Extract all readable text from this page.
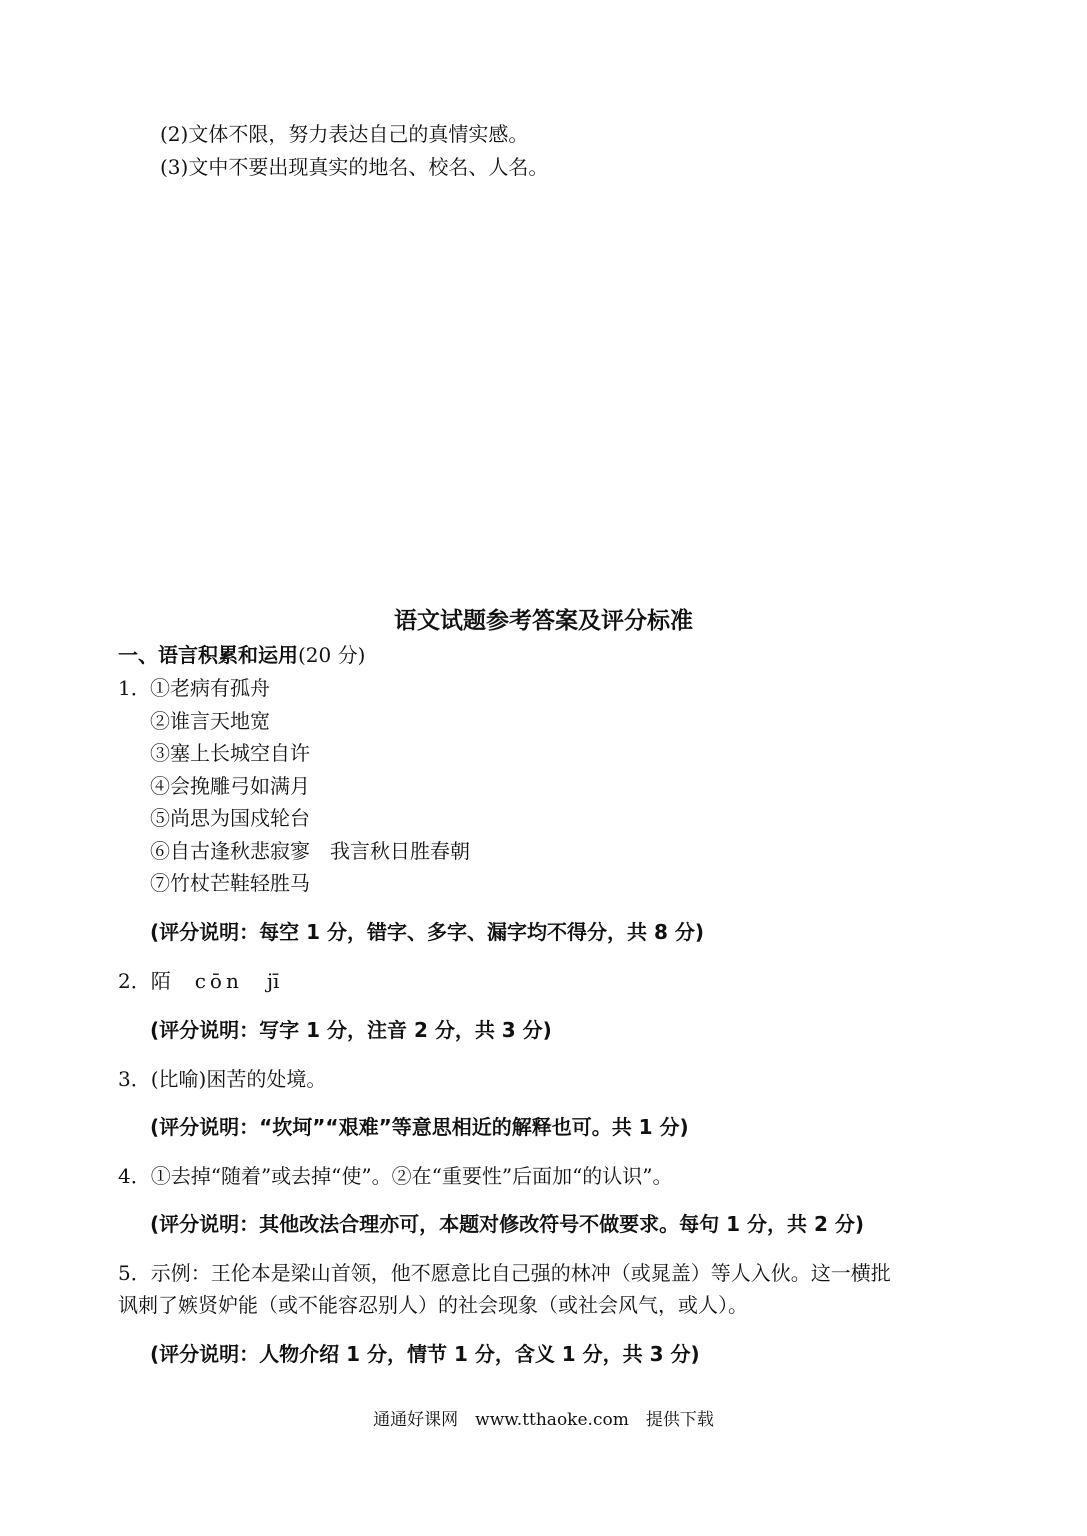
(2)文体不限，努力表达自己的真情实感。
(3)文中不要出现真实的地名、校名、人名。
语文试题参考答案及评分标准
一、语言积累和运用(20 分)
1． ①老病有孤舟
②谁言天地宽
③塞上长城空自许
④会挽雕弓如满月
⑤尚思为国戍轮台
⑥自古逢秋悲寂寥　我言秋日胜春朝
⑦竹杖芒鞋轻胜马
(评分说明：每空 1 分，错字、多字、漏字均不得分，共 8 分)
2．陌 cōn jī
(评分说明：写字 1 分，注音 2 分，共 3 分)
3．(比喻)困苦的处境。
(评分说明：“坎坷”“艰难”等意思相近的解释也可。共 1 分)
4．①去掉“随着”或去掉“使”。②在“重要性”后面加“的认识”。
(评分说明：其他改法合理亦可，本题对修改符号不做要求。每句 1 分，共 2 分)
5．示例：王伦本是梁山首领，他不愿意比自己强的林冲（或晁盖）等人入伙。这一横批
讽刺了嫉贤妒能（或不能容忍别人）的社会现象（或社会风气，或人）。
(评分说明：人物介绍 1 分，情节 1 分，含义 1 分，共 3 分)
通通好课网　www.tthaoke.com　提供下载
